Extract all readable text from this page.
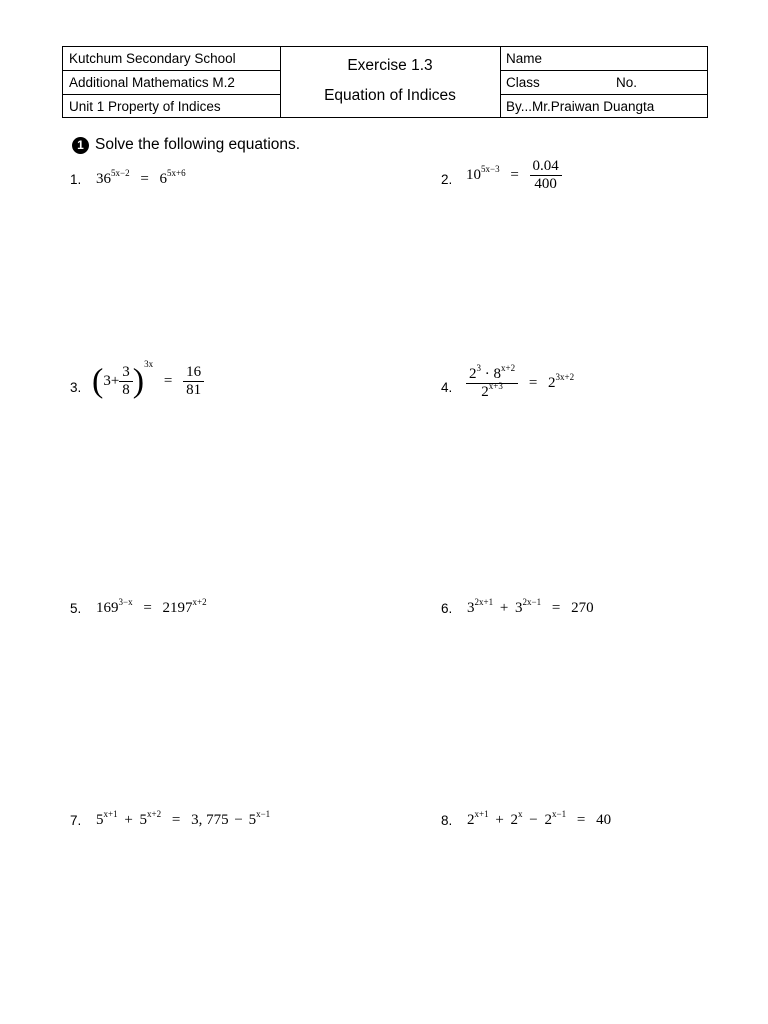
Kutchum Secondary School
Additional Mathematics M.2
Unit 1 Property of Indices
Exercise 1.3
Equation of Indices
Name
Class	No.
By...Mr.Praiwan Duangta
1 Solve the following equations.
1. $36^{5x-2} = 6^{5x+6}$	2. $10^{5x-3} = \frac{0.04}{400}$
3. $(3+ \frac{3}{8} )^{3x} = \frac{16}{81}$	4. $\frac{2^3 \cdot 8^{x+2}}{2^{x+3}} = 2^{3x+2}$
5. $169^{3-x} = 2197^{x+2}$	6. $3^{2x+1} + 3^{2x-1} = 270$
7. $5^{x+1} + 5^{x+2} = 3$, $775 - 5^{x-1}$	8. $2^{x+1} + 2^x - 2^{x-1} = 40$
